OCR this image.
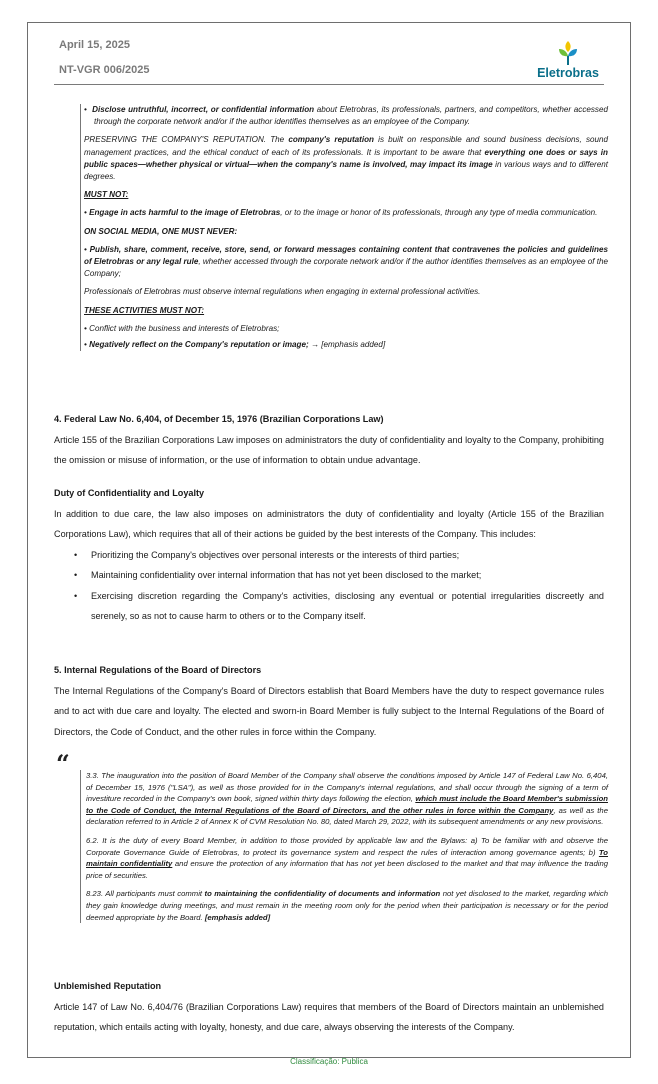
April 15, 2025
NT-VGR 006/2025	Eletrobras

•  Disclose untruthful, incorrect, or confidential information about Eletrobras, its professionals, partners, and competitors, whether accessed through the corporate network and/or if the author identifies themselves as an employee of the Company.

PRESERVING THE COMPANY'S REPUTATION. The company's reputation is built on responsible and sound business decisions, sound management practices, and the ethical conduct of each of its professionals. It is important to be aware that everything one does or says in public spaces—whether physical or virtual—when the company's name is involved, may impact its image in various ways and to different degrees.

MUST NOT:

• Engage in acts harmful to the image of Eletrobras, or to the image or honor of its professionals, through any type of media communication.

ON SOCIAL MEDIA, ONE MUST NEVER:

• Publish, share, comment, receive, store, send, or forward messages containing content that contravenes the policies and guidelines of Eletrobras or any legal rule, whether accessed through the corporate network and/or if the author identifies themselves as an employee of the Company;

Professionals of Eletrobras must observe internal regulations when engaging in external professional activities.

THESE ACTIVITIES MUST NOT:

• Conflict with the business and interests of Eletrobras;

• Negatively reflect on the Company's reputation or image; → [emphasis added]

4. Federal Law No. 6,404, of December 15, 1976 (Brazilian Corporations Law)

Article 155 of the Brazilian Corporations Law imposes on administrators the duty of confidentiality and loyalty to the Company, prohibiting the omission or misuse of information, or the use of information to obtain undue advantage.

Duty of Confidentiality and Loyalty

In addition to due care, the law also imposes on administrators the duty of confidentiality and loyalty (Article 155 of the Brazilian Corporations Law), which requires that all of their actions be guided by the best interests of the Company. This includes:

• Prioritizing the Company's objectives over personal interests or the interests of third parties;
• Maintaining confidentiality over internal information that has not yet been disclosed to the market;
• Exercising discretion regarding the Company's activities, disclosing any eventual or potential irregularities discreetly and serenely, so as not to cause harm to others or to the Company itself.

5. Internal Regulations of the Board of Directors

The Internal Regulations of the Company's Board of Directors establish that Board Members have the duty to respect governance rules and to act with due care and loyalty. The elected and sworn-in Board Member is fully subject to the Internal Regulations of the Board of Directors, the Code of Conduct, and the other rules in force within the Company.

“ 3.3. The inauguration into the position of Board Member of the Company shall observe the conditions imposed by Article 147 of Federal Law No. 6,404, of December 15, 1976 ("LSA"), as well as those provided for in the Company's internal regulations, and shall occur through the signing of a term of investiture recorded in the Company's own book, signed within thirty days following the election, which must include the Board Member's submission to the Code of Conduct, the Internal Regulations of the Board of Directors, and the other rules in force within the Company, as well as the declaration referred to in Article 2 of Annex K of CVM Resolution No. 80, dated March 29, 2022, with its subsequent amendments or any new provisions.

6.2. It is the duty of every Board Member, in addition to those provided by applicable law and the Bylaws: a) To be familiar with and observe the Corporate Governance Guide of Eletrobras, to protect its governance system and respect the rules of interaction among governance agents; b) To maintain confidentiality and ensure the protection of any information that has not yet been disclosed to the market and that may influence the trading price of securities.

8.23. All participants must commit to maintaining the confidentiality of documents and information not yet disclosed to the market, regarding which they gain knowledge during meetings, and must remain in the meeting room only for the period when their participation is necessary or for the period deemed appropriate by the Board. [emphasis added]

Unblemished Reputation

Article 147 of Law No. 6,404/76 (Brazilian Corporations Law) requires that members of the Board of Directors maintain an unblemished reputation, which entails acting with loyalty, honesty, and due care, always observing the interests of the Company.

Classificação: Publica
